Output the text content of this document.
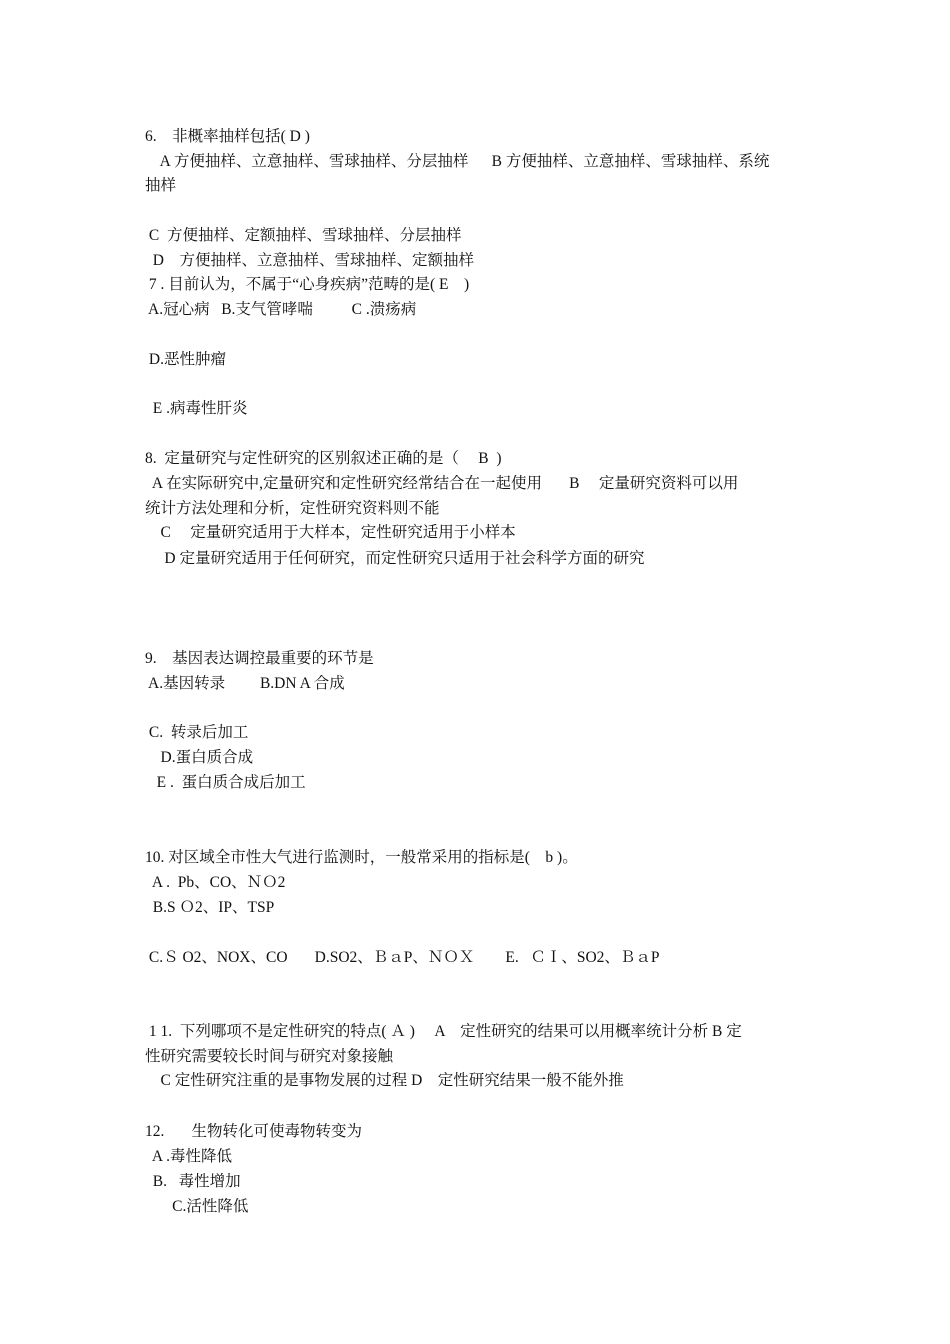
6.    非概率抽样包括( D )
A 方便抽样、立意抽样、雪球抽样、分层抽样      B 方便抽样、立意抽样、雪球抽样、系统
抽样
C  方便抽样、定额抽样、雪球抽样、分层抽样
D    方便抽样、立意抽样、雪球抽样、定额抽样
7 . 目前认为，不属于“心身疾病”范畴的是( E    )
A.冠心病   B.支气管哮喘          C .溃疡病
D.恶性肿瘤
E .病毒性肝炎
8.  定量研究与定性研究的区别叙述正确的是（     B  )
A 在实际研究中,定量研究和定性研究经常结合在一起使用       B     定量研究资料可以用
统计方法处理和分析，定性研究资料则不能
C     定量研究适用于大样本，定性研究适用于小样本
D 定量研究适用于任何研究，而定性研究只适用于社会科学方面的研究
9.    基因表达调控最重要的环节是
A.基因转录         B.DN A 合成
C.  转录后加工
D.蛋白质合成
E .  蛋白质合成后加工
10. 对区域全市性大气进行监测时，一般常采用的指标是(    b )。
A .  Pb、CO、ＮＯ2
B.S Ｏ2、IP、TSP
C.Ｓ O2、NOX、CO       D.SO2、ＢａP、ＮＯＸ        E.   ＣＩ、SO2、ＢａP
1 1.  下列哪项不是定性研究的特点( Ａ )     A    定性研究的结果可以用概率统计分析 B 定
性研究需要较长时间与研究对象接触
C 定性研究注重的是事物发展的过程 D    定性研究结果一般不能外推
12.       生物转化可使毒物转变为
A .毒性降低
B.   毒性增加
C.活性降低
